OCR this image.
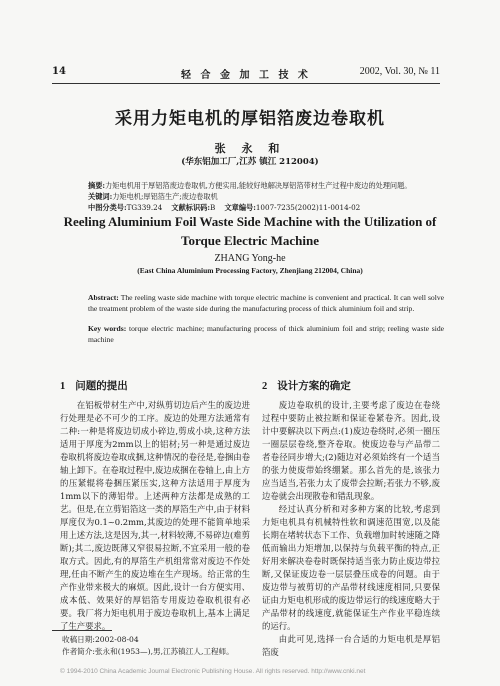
14	轻 合 金 加 工 技 术	2002, Vol. 30, № 11
采用力矩电机的厚铝箔废边卷取机
张 永 和
(华东铝加工厂,江苏 镇江 212004)
摘要:力矩电机用于厚铝箔废边卷取机,方便实用,能较好地解决厚铝箔带材生产过程中废边的处理问题。
关键词:力矩电机;厚铝箔生产;废边卷取机
中图分类号:TG339.24 文献标识码:B 文章编号:1007-7235(2002)11-0014-02
Reeling Aluminium Foil Waste Side Machine with the Utilization of Torque Electric Machine
ZHANG Yong-he
(East China Aluminium Processing Factory, Zhenjiang 212004, China)
Abstract: The reeling waste side machine with torque electric machine is convenient and practical. It can well solve the treatment problem of the waste side during the manufacturing process of thick aluminium foil and strip.
Key words: torque electric machine; manufacturing process of thick aluminium foil and strip; reeling waste side machine
1 问题的提出

在铝板带材生产中,对纵剪切边后产生的废边进行处理是必不可少的工序。废边的处理方法通常有二种:一种是将废边切成小碎边,剪成小块,这种方法适用于厚度为2mm以上的铝材;另一种是通过废边卷取机将废边卷取成捆,这种情况的卷径是,卷捆由卷轴上卸下。在卷取过程中,废边成捆在卷轴上,由上方的压紧辊将卷捆压紧压实,这种方法适用于厚度为1mm以下的薄铝带。上述两种方法都是成熟的工艺。但是,在立剪铝箔这一类的厚箔生产中,由于材料厚度仅为0.1~0.2mm,其废边的处理不能简单地采用上述方法,这是因为,其一,材料较薄,不易碎边(难剪断);其二,废边既薄又窄很易拉断,不宜采用一般的卷取方式。因此,有的厚箔生产机组常常对废边不作处理,任由不断产生的废边堆在生产现场。给正常的生产作业带来极大的麻烦。因此,设计一台方便实用、成本低、效果好的厚铝箔专用废边卷取机很有必要。我厂将力矩电机用于废边卷取机上,基本上满足了生产要求。

收稿日期:2002-08-04
作者简介:张永和(1953—),男,江苏镇江人,工程师。
2 设计方案的确定

废边卷取机的设计,主要考虑了废边在卷绕过程中要防止被拉断和保证卷紧卷齐。因此,设计中要解决以下两点:(1)废边卷绕时,必须一圈压一圈层层卷绕,整齐卷取。使废边卷与产品带二者卷径同步增大;(2)随边对必须始终有一个适当的张力使废带始终绷紧。那么首先的是,该张力应当适当,若张力太了废带会拉断;若张力不够,废边卷就会出现散卷和错乱现象。

经过认真分析和对多种方案的比较,考虑到力矩电机具有机械特性软和调速范围宽,以及能长期在堵转状态下工作、负载增加时转速随之降低而输出力矩增加,以保持与负载平衡的特点,正好用来解决卷卷时既保持适当张力防止废边带拉断,又保证废边卷一层层叠压成卷的问题。由于废边带与被剪切的产品带材线速度相同,只要保证由力矩电机形成的废边带运行的线速度略大于产品带材的线速度,就能保证生产作业平稳连续的运行。

由此可见,选择一台合适的力矩电机是厚铝箔废

© 1994-2010 China Academic Journal Electronic Publishing House. All rights reserved. http://www.cnki.net
